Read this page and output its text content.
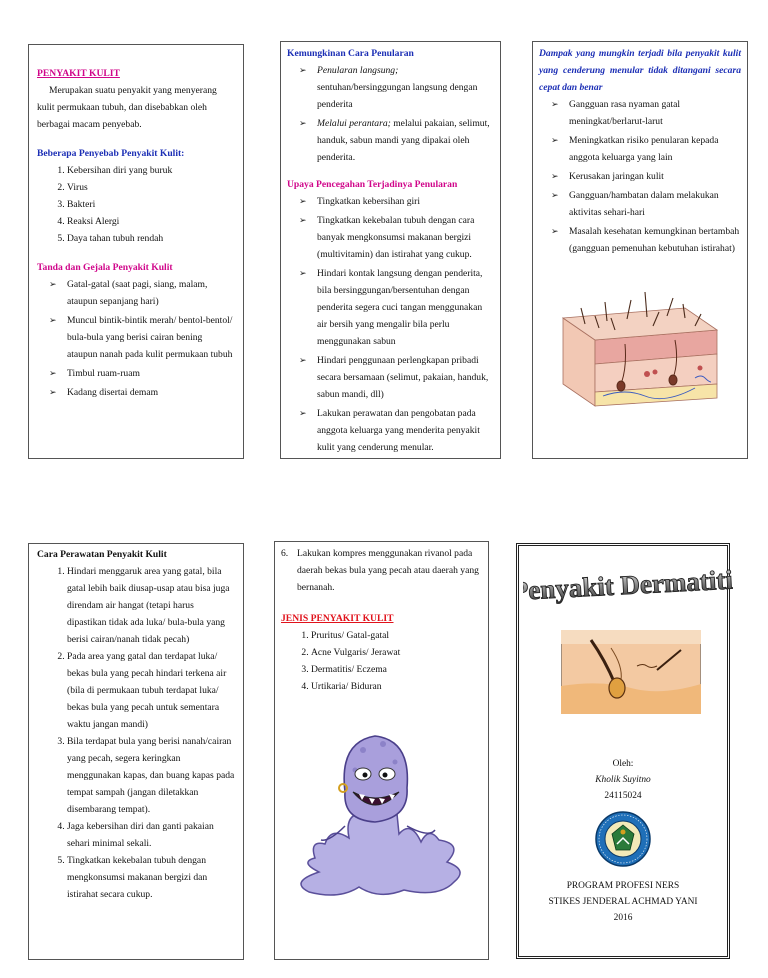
PENYAKIT KULIT

Merupakan suatu penyakit yang menyerang kulit permukaan tubuh, dan disebabkan oleh berbagai macam penyebab.

Beberapa Penyebab Penyakit Kulit:
1. Kebersihan diri yang buruk
2. Virus
3. Bakteri
4. Reaksi Alergi
5. Daya tahan tubuh rendah
Tanda dan Gejala Penyakit Kulit
➢ Gatal-gatal (saat pagi, siang, malam, ataupun sepanjang hari)
➢ Muncul bintik-bintik merah/ bentol-bentol/ bula-bula yang berisi cairan bening ataupun nanah pada kulit permukaan tubuh
➢ Timbul ruam-ruam
➢ Kadang disertai demam
Kemungkinan Cara Penularan
➢ Penularan langsung;
sentuhan/bersinggungan langsung dengan penderita
➢ Melalui perantara; melalui pakaian, selimut, handuk, sabun mandi yang dipakai oleh penderita.
Upaya Pencegahan Terjadinya Penularan
➢ Tingkatkan kebersihan giri
➢ Tingkatkan kekebalan tubuh dengan cara banyak mengkonsumsi makanan bergizi (multivitamin) dan istirahat yang cukup.
➢ Hindari kontak langsung dengan penderita, bila bersinggungan/bersentuhan dengan penderita segera cuci tangan menggunakan air bersih yang mengalir bila perlu menggunakan sabun
➢ Hindari penggunaan perlengkapan pribadi secara bersamaan (selimut, pakaian, handuk, sabun mandi, dll)
➢ Lakukan perawatan dan pengobatan pada anggota keluarga yang menderita penyakit kulit yang cenderung menular.
Dampak yang mungkin terjadi bila penyakit kulit yang cenderung menular tidak ditangani secara cepat dan benar
➢ Gangguan rasa nyaman gatal meningkat/berlarut-larut
➢ Meningkatkan risiko penularan kepada anggota keluarga yang lain
➢ Kerusakan jaringan kulit
➢ Gangguan/hambatan dalam melakukan aktivitas sehari-hari
➢ Masalah kesehatan kemungkinan bertambah (gangguan pemenuhan kebutuhan istirahat)
Cara Perawatan Penyakit Kulit
1. Hindari menggaruk area yang gatal, bila gatal lebih baik diusap-usap atau bisa juga direndam air hangat (tetapi harus dipastikan tidak ada luka/ bula-bula yang berisi cairan/nanah tidak pecah)
2. Pada area yang gatal dan terdapat luka/ bekas bula yang pecah hindari terkena air (bila di permukaan tubuh terdapat luka/ bekas bula yang pecah untuk sementara waktu jangan mandi)
3. Bila terdapat bula yang berisi nanah/cairan yang pecah, segera keringkan menggunakan kapas, dan buang kapas pada tempat sampah (jangan diletakkan disembarang tempat).
4. Jaga kebersihan diri dan ganti pakaian sehari minimal sekali.
5. Tingkatkan kekebalan tubuh dengan mengkonsumsi makanan bergizi dan istirahat secara cukup.
6. Lakukan kompres menggunakan rivanol pada daerah bekas bula yang pecah atau daerah yang bernanah.
JENIS PENYAKIT KULIT
1. Pruritus/ Gatal-gatal
2. Acne Vulgaris/ Jerawat
3. Dermatitis/ Eczema
4. Urtikaria/ Biduran
Penyakit Dermatitis
Oleh:
Kholik Suyitno
24115024
PROGRAM PROFESI NERS
STIKES JENDERAL ACHMAD YANI
2016
